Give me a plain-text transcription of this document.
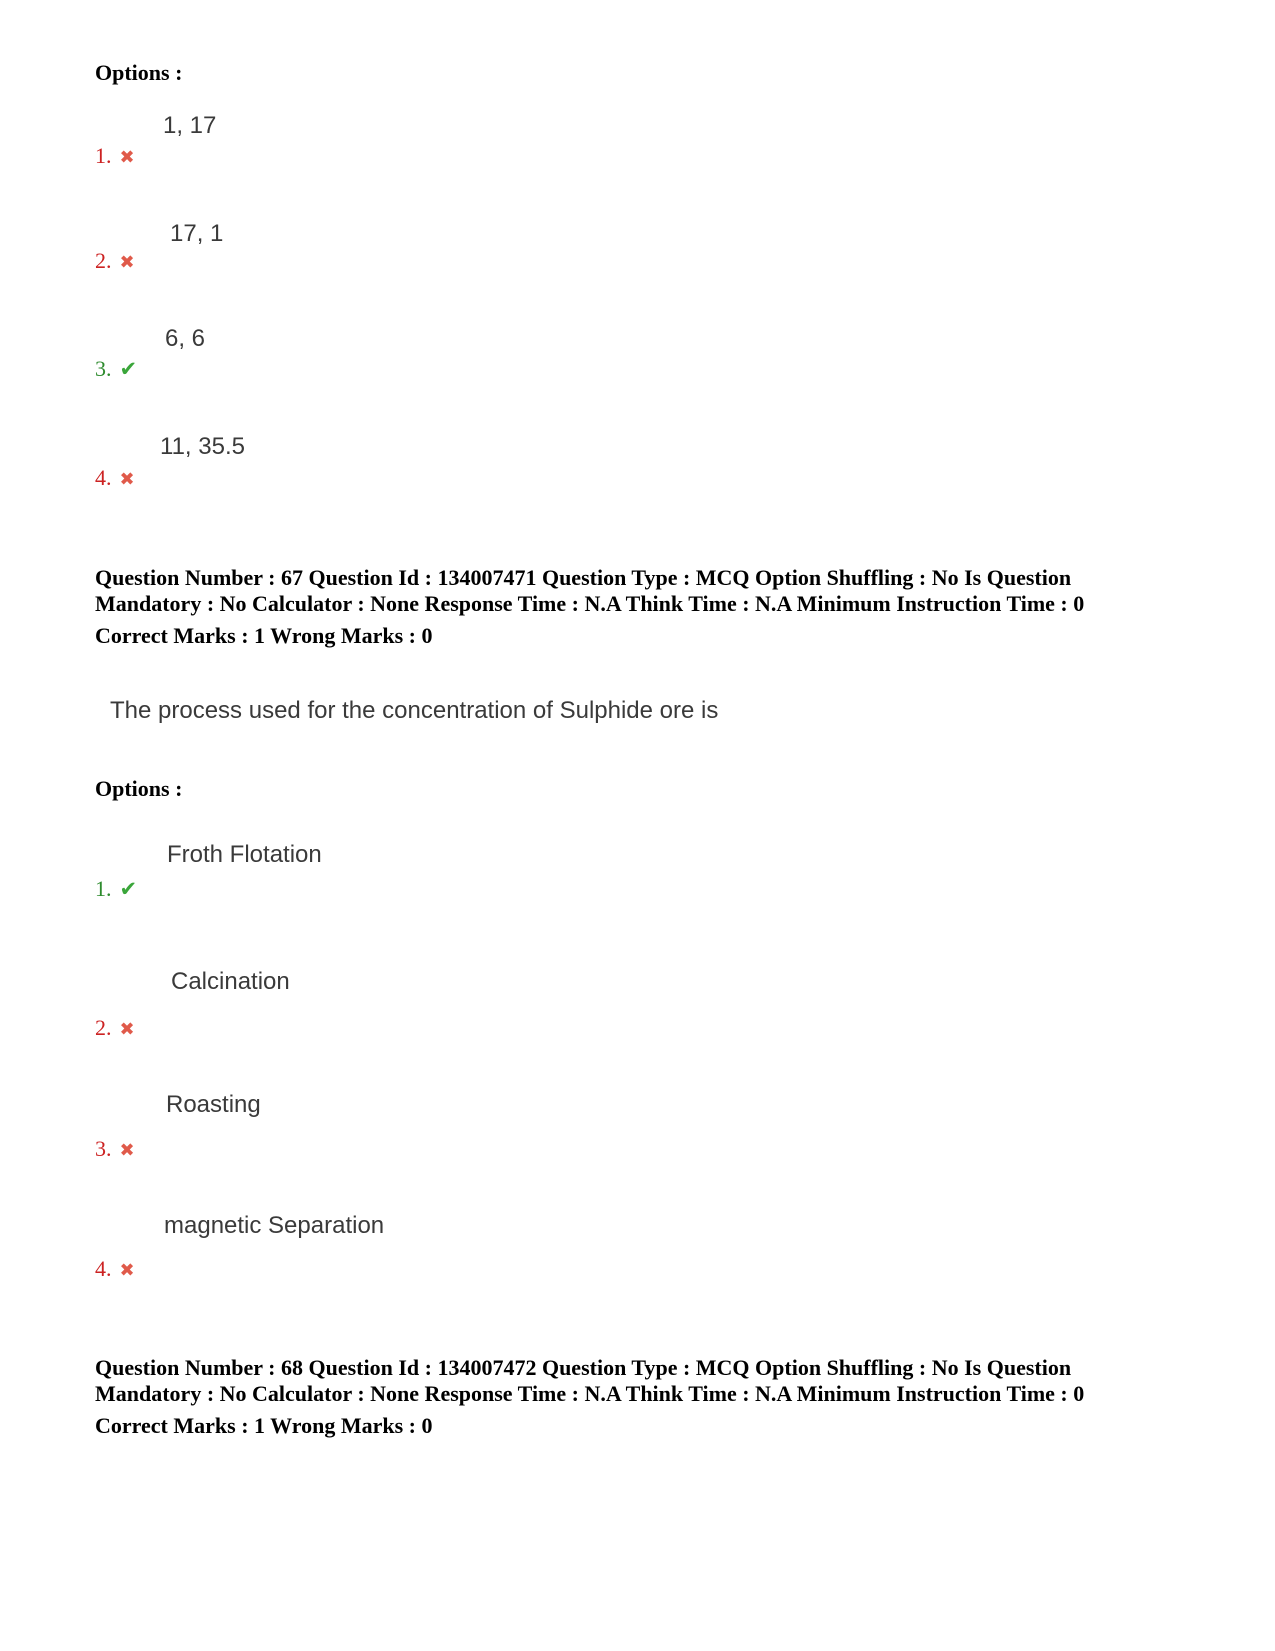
Options :
1, 17
1. ✖
17, 1
2. ✖
6, 6
3. ✔
11, 35.5
4. ✖
Question Number : 67 Question Id : 134007471 Question Type : MCQ Option Shuffling : No Is Question
Mandatory : No Calculator : None Response Time : N.A Think Time : N.A Minimum Instruction Time : 0
Correct Marks : 1 Wrong Marks : 0
The process used for the concentration of Sulphide ore is
Options :
Froth Flotation
1. ✔
Calcination
2. ✖
Roasting
3. ✖
magnetic Separation
4. ✖
Question Number : 68 Question Id : 134007472 Question Type : MCQ Option Shuffling : No Is Question
Mandatory : No Calculator : None Response Time : N.A Think Time : N.A Minimum Instruction Time : 0
Correct Marks : 1 Wrong Marks : 0
